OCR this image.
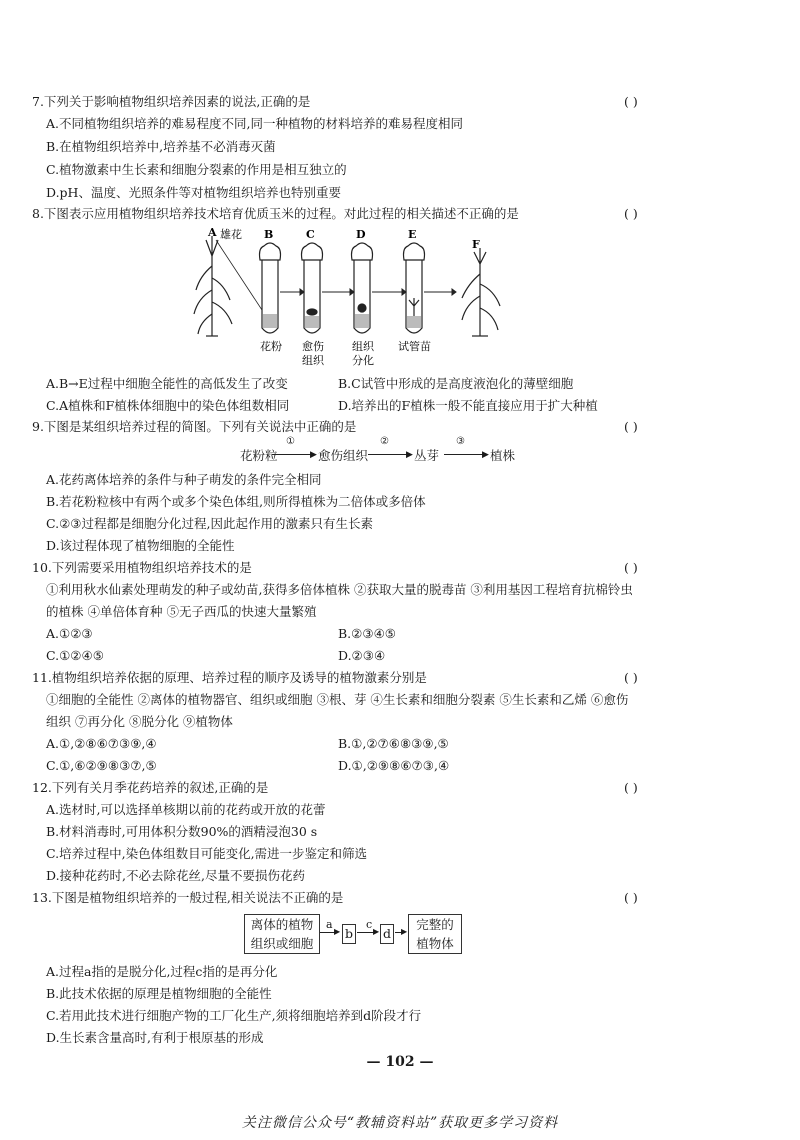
7.下列关于影响植物组织培养因素的说法,正确的是	( )
A.不同植物组织培养的难易程度不同,同一种植物的材料培养的难易程度相同
B.在植物组织培养中,培养基不必消毒灭菌
C.植物激素中生长素和细胞分裂素的作用是相互独立的
D.pH、温度、光照条件等对植物组织培养也特别重要
8.下图表示应用植物组织培养技术培育优质玉米的过程。对此过程的相关描述不正确的是	( )
A 雄花 B	C	D	E
F
花粉 愈伤
组织
组织
分化
试管苗
A.B→E过程中细胞全能性的高低发生了改变	B.C试管中形成的是高度液泡化的薄壁细胞
C.A植株和F植株体细胞中的染色体组数相同	D.培养出的F植株一般不能直接应用于扩大种植
9.下图是某组织培养过程的简图。下列有关说法中正确的是	( )
花粉粒
①
▶ 愈伤组织
②
▶ 丛芽
③
▶ 植株
A.花药离体培养的条件与种子萌发的条件完全相同
B.若花粉粒核中有两个或多个染色体组,则所得植株为二倍体或多倍体
C.②③过程都是细胞分化过程,因此起作用的激素只有生长素
D.该过程体现了植物细胞的全能性
10.下列需要采用植物组织培养技术的是	( )
①利用秋水仙素处理萌发的种子或幼苗,获得多倍体植株 ②获取大量的脱毒苗 ③利用基因工程培育抗棉铃虫
的植株 ④单倍体育种 ⑤无子西瓜的快速大量繁殖
A.①②③	B.②③④⑤
C.①②④⑤	D.②③④
11.植物组织培养依据的原理、培养过程的顺序及诱导的植物激素分别是	( )
①细胞的全能性 ②离体的植物器官、组织或细胞 ③根、芽 ④生长素和细胞分裂素 ⑤生长素和乙烯 ⑥愈伤
组织 ⑦再分化 ⑧脱分化 ⑨植物体
A.①,②⑧⑥⑦③⑨,④	B.①,②⑦⑥⑧③⑨,⑤
C.①,⑥②⑨⑧③⑦,⑤	D.①,②⑨⑧⑥⑦③,④
12.下列有关月季花药培养的叙述,正确的是	( )
A.选材时,可以选择单核期以前的花药或开放的花蕾
B.材料消毒时,可用体积分数90%的酒精浸泡30 s
C.培养过程中,染色体组数目可能变化,需进一步鉴定和筛选
D.接种花药时,不必去除花丝,尽量不要损伤花药
13.下图是植物组织培养的一般过程,相关说法不正确的是	( )
离体的植物
组织或细胞
a
▶ b
c
▶ d	▶ 完整的
植物体
A.过程a指的是脱分化,过程c指的是再分化
B.此技术依据的原理是植物细胞的全能性
C.若用此技术进行细胞产物的工厂化生产,须将细胞培养到d阶段才行
D.生长素含量高时,有利于根原基的形成
— 102 —
关注微信公众号“教辅资料站”获取更多学习资料
